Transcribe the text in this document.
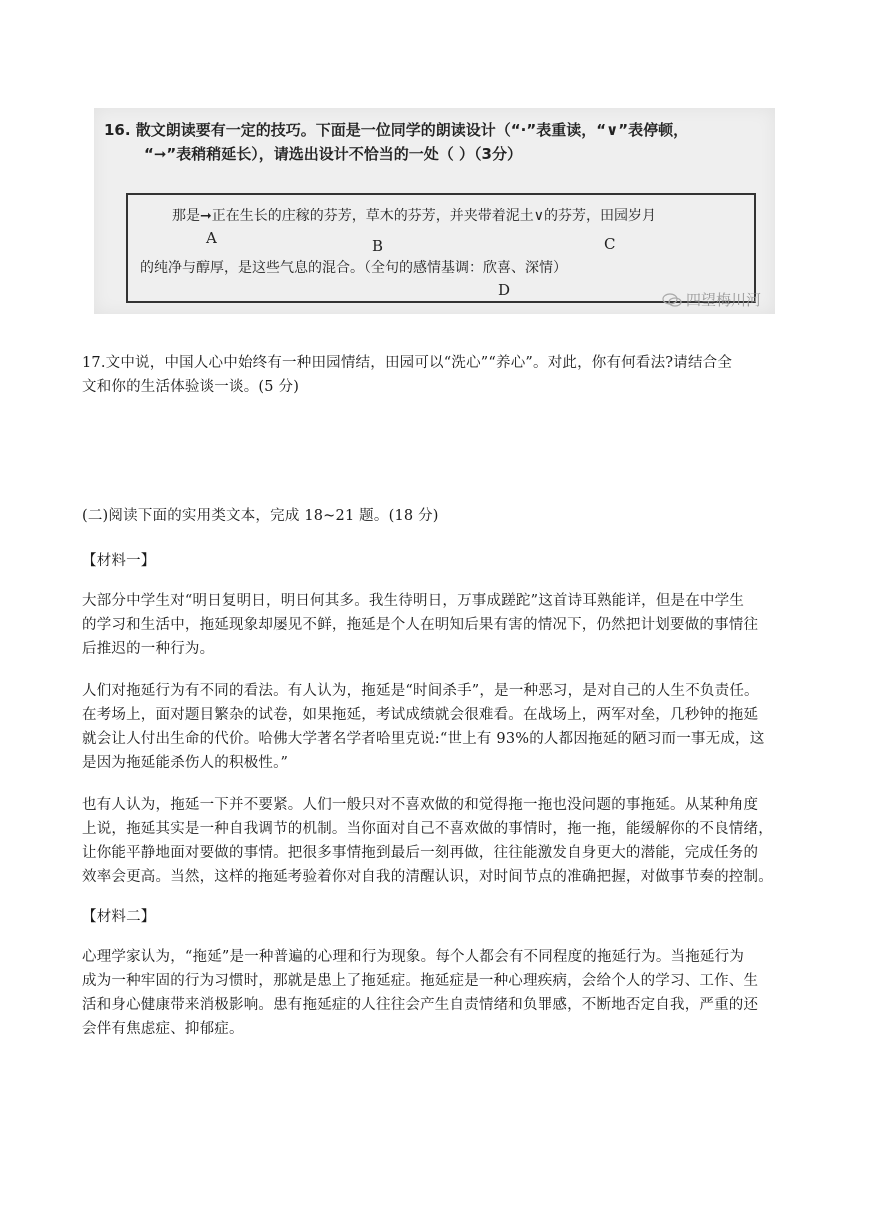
16. 散文朗读要有一定的技巧。下面是一位同学的朗读设计（“·”表重读，“∨”表停顿，
“➞”表稍稍延长），请选出设计不恰当的一处（ ）（3分）
那是➞正在生长的庄稼的芬芳，草木的芬芳，并夹带着泥土∨的芬芳，田园岁月
的纯净与醇厚，是这些气息的混合。（全句的感情基调：欣喜、深情）
A	B	C
D
四望梅川河
17.文中说，中国人心中始终有一种田园情结，田园可以“洗心”“养心”。对此，你有何看法?请结合全
文和你的生活体验谈一谈。(5 分)
(二)阅读下面的实用类文本，完成 18~21 题。(18 分)
【材料一】
大部分中学生对“明日复明日，明日何其多。我生待明日，万事成蹉跎”这首诗耳熟能详，但是在中学生
的学习和生活中，拖延现象却屡见不鲜，拖延是个人在明知后果有害的情况下，仍然把计划要做的事情往
后推迟的一种行为。
人们对拖延行为有不同的看法。有人认为，拖延是“时间杀手”，是一种恶习，是对自己的人生不负责任。
在考场上，面对题目繁杂的试卷，如果拖延，考试成绩就会很难看。在战场上，两军对垒，几秒钟的拖延
就会让人付出生命的代价。哈佛大学著名学者哈里克说:“世上有 93%的人都因拖延的陋习而一事无成，这
是因为拖延能杀伤人的积极性。”
也有人认为，拖延一下并不要紧。人们一般只对不喜欢做的和觉得拖一拖也没问题的事拖延。从某种角度
上说，拖延其实是一种自我调节的机制。当你面对自己不喜欢做的事情时，拖一拖，能缓解你的不良情绪，
让你能平静地面对要做的事情。把很多事情拖到最后一刻再做，往往能激发自身更大的潜能，完成任务的
效率会更高。当然，这样的拖延考验着你对自我的清醒认识，对时间节点的准确把握，对做事节奏的控制。
【材料二】
心理学家认为，“拖延”是一种普遍的心理和行为现象。每个人都会有不同程度的拖延行为。当拖延行为
成为一种牢固的行为习惯时，那就是患上了拖延症。拖延症是一种心理疾病，会给个人的学习、工作、生
活和身心健康带来消极影响。患有拖延症的人往往会产生自责情绪和负罪感，不断地否定自我，严重的还
会伴有焦虑症、抑郁症。
